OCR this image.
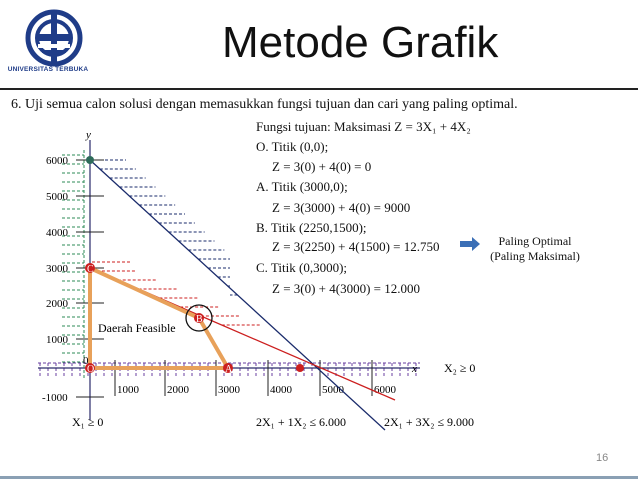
UNIVERSITAS TERBUKA
Metode Grafik
6. Uji semua calon solusi dengan memasukkan fungsi tujuan dan cari yang paling optimal.
6000
5000
4000
3000
2000
1000
-1000
1000	2000	3000	4000	5000	6000
O	A
B
C
0
y
x
Daerah Feasible
X₁ ≥ 0
X₂ ≥ 0
2X₁ + 1X₂ ≤ 6.000	2X₁ + 3X₂ ≤ 9.000
Fungsi tujuan: Maksimasi Z = 3X₁ + 4X₂
O. Titik (0,0);
Z = 3(0) + 4(0) = 0
A. Titik (3000,0);
Z = 3(3000) + 4(0) = 9000
B. Titik (2250,1500);
Z = 3(2250) + 4(1500) = 12.750
C. Titik (0,3000);
Z = 3(0) + 4(3000) = 12.000
Paling Optimal
(Paling Maksimal)
16
